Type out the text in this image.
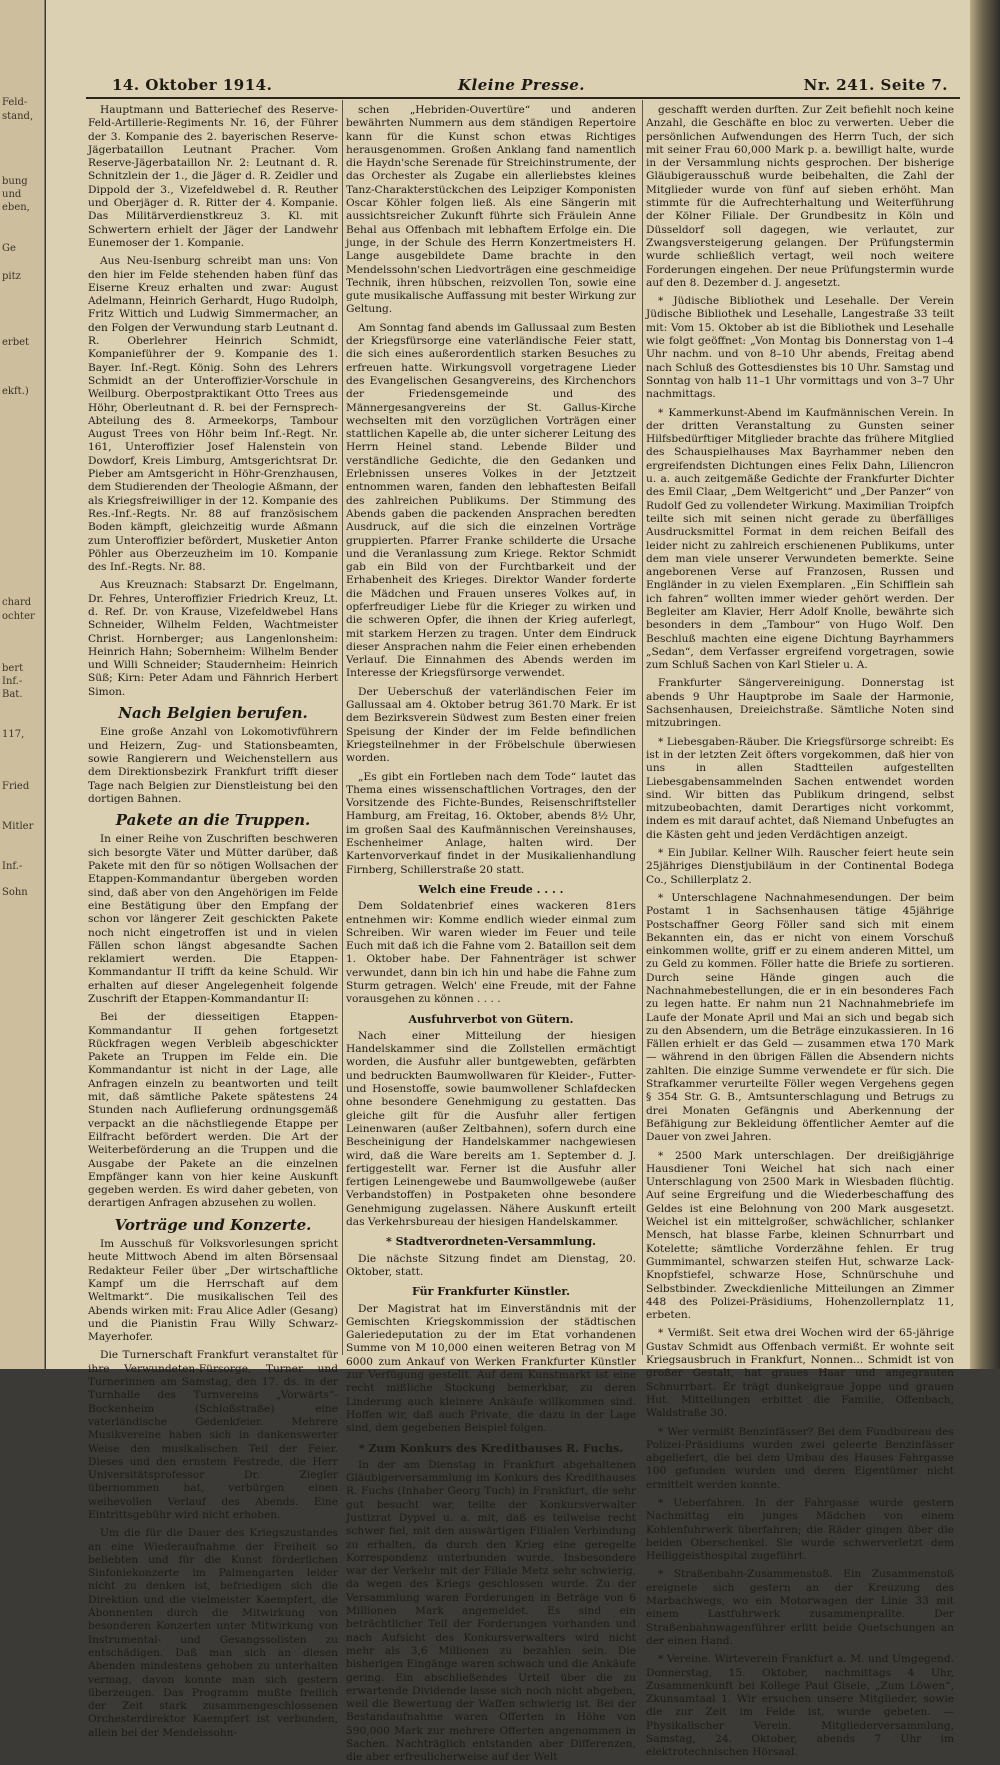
Feld-
stand,
bung
und
eben,
Ge
pitz
erbet
ekft.)
chard
ochter
bert
Inf.-
Bat.
117,
Fried
Mitler
Inf.-
Sohn
14. Oktober 1914.	Kleine Presse.	Nr. 241. Seite 7.

Hauptmann und Batteriechef des Reserve-Feld-Artillerie-Regiments Nr. 16, der Führer der 3. Kompanie des 2. bayerischen Reserve-Jägerbataillon Leutnant Pracher. Vom Reserve-Jägerbataillon Nr. 2: Leutnant d. R. Schnitzlein der 1., die Jäger d. R. Zeidler und Dippold der 3., Vizefeldwebel d. R. Reuther und Oberjäger d. R. Ritter der 4. Kompanie. Das Militärverdienstkreuz 3. Kl. mit Schwertern erhielt der Jäger der Landwehr Eunemoser der 1. Kompanie.

Aus Neu-Isenburg schreibt man uns: Von den hier im Felde stehenden haben fünf das Eiserne Kreuz erhalten und zwar: August Adelmann, Heinrich Gerhardt, Hugo Rudolph, Fritz Wittich und Ludwig Simmermacher, an den Folgen der Verwundung starb Leutnant d. R. Oberlehrer Heinrich Schmidt, Kompanieführer der 9. Kompanie des 1. Bayer. Inf.-Regt. König. Sohn des Lehrers Schmidt an der Unteroffizier-Vorschule in Weilburg. Oberpostpraktikant Otto Trees aus Höhr, Oberleutnant d. R. bei der Fernsprech-Abteilung des 8. Armeekorps, Tambour August Trees von Höhr beim Inf.-Regt. Nr. 161, Unteroffizier Josef Halenstein von Dowdorf, Kreis Limburg, Amtsgerichtsrat Dr. Pieber am Amtsgericht in Höhr-Grenzhausen, dem Studierenden der Theologie Aßmann, der als Kriegsfreiwilliger in der 12. Kompanie des Res.-Inf.-Regts. Nr. 88 auf französischem Boden kämpft, gleichzeitig wurde Aßmann zum Unteroffizier befördert, Musketier Anton Pöhler aus Oberzeuzheim im 10. Kompanie des Inf.-Regts. Nr. 88.

Aus Kreuznach: Stabsarzt Dr. Engelmann, Dr. Fehres, Unteroffizier Friedrich Kreuz, Lt. d. Ref. Dr. von Krause, Vizefeldwebel Hans Schneider, Wilhelm Felden, Wachtmeister Christ. Hornberger; aus Langenlonsheim: Heinrich Hahn; Sobernheim: Wilhelm Bender und Willi Schneider; Staudernheim: Heinrich Süß; Kirn: Peter Adam und Fähnrich Herbert Simon.

Nach Belgien berufen.

Eine große Anzahl von Lokomotivführern und Heizern, Zug- und Stationsbeamten, sowie Rangierern und Weichenstellern aus dem Direktionsbezirk Frankfurt trifft dieser Tage nach Belgien zur Dienstleistung bei den dortigen Bahnen.

Pakete an die Truppen.

In einer Reihe von Zuschriften beschweren sich besorgte Väter und Mütter darüber, daß Pakete mit den für so nötigen Wollsachen der Etappen-Kommandantur übergeben worden sind, daß aber von den Angehörigen im Felde eine Bestätigung über den Empfang der schon vor längerer Zeit geschickten Pakete noch nicht eingetroffen ist und in vielen Fällen schon längst abgesandte Sachen reklamiert werden. Die Etappen-Kommandantur II trifft da keine Schuld. Wir erhalten auf dieser Angelegenheit folgende Zuschrift der Etappen-Kommandantur II:

Bei der diesseitigen Etappen-Kommandantur II gehen fortgesetzt Rückfragen wegen Verbleib abgeschickter Pakete an Truppen im Felde ein. Die Kommandantur ist nicht in der Lage, alle Anfragen einzeln zu beantworten und teilt mit, daß sämtliche Pakete spätestens 24 Stunden nach Auflieferung ordnungsgemäß verpackt an die nächstliegende Etappe per Eilfracht befördert werden. Die Art der Weiterbeförderung an die Truppen und die Ausgabe der Pakete an die einzelnen Empfänger kann von hier keine Auskunft gegeben werden. Es wird daher gebeten, von derartigen Anfragen abzusehen zu wollen.

Vorträge und Konzerte.

Im Ausschuß für Volksvorlesungen spricht heute Mittwoch Abend im alten Börsensaal Redakteur Feiler über „Der wirtschaftliche Kampf um die Herrschaft auf dem Weltmarkt“. Die musikalischen Teil des Abends wirken mit: Frau Alice Adler (Gesang) und die Pianistin Frau Willy Schwarz-Mayerhofer.

Die Turnerschaft Frankfurt veranstaltet für ihre Verwundeten-Fürsorge, Turner und Turnerinnen am Samstag, den 17. ds. in der Turnhalle des Turnvereins „Vorwärts“-Bockenheim (Schloßstraße) eine vaterländische Gedenkfeier. Mehrere Musikvereine haben sich in dankenswerter Weise den musikalischen Teil der Feier. Dieses und den ernstem Festrede, die Herr Universitätsprofessor Dr. Ziegler übernommen hat, verbürgen einen weihevollen Verlauf des Abends. Eine Eintrittsgebühr wird nicht erhoben.

Um die für die Dauer des Kriegszustandes an eine Wiederaufnahme der Freiheit so beliebten und für die Kunst förderlichen Sinfoniekonzerte im Palmengarten leider nicht zu denken ist, befriedigen sich die Direktion und die vielmeister Kaempfert, die Abonnenten durch die Mitwirkung von besonderen Konzerten unter Mitwirkung von Instrumental- und Gesangssolisten zu entschädigen. Daß man sich an diesen Abenden mindestens gehoben zu unterhalten vermag, davon konnte man sich gestern überzeugen. Das Programm mußte freilich der Zeit stark zusammengeschlossenen Orchesterdirektor Kaempfert ist verbunden, allein bei der Mendelssohn-

schen „Hebriden-Ouvertüre“ und anderen bewährten Nummern aus dem ständigen Repertoire kann für die Kunst schon etwas Richtiges herausgenommen. Großen Anklang fand namentlich die Haydn'sche Serenade für Streichinstrumente, der das Orchester als Zugabe ein allerliebstes kleines Tanz-Charakterstückchen des Leipziger Komponisten Oscar Köhler folgen ließ. Als eine Sängerin mit aussichtsreicher Zukunft führte sich Fräulein Anne Behal aus Offenbach mit lebhaftem Erfolge ein. Die junge, in der Schule des Herrn Konzertmeisters H. Lange ausgebildete Dame brachte in den Mendelssohn'schen Liedvorträgen eine geschmeidige Technik, ihren hübschen, reizvollen Ton, sowie eine gute musikalische Auffassung mit bester Wirkung zur Geltung.

Am Sonntag fand abends im Gallussaal zum Besten der Kriegsfürsorge eine vaterländische Feier statt, die sich eines außerordentlich starken Besuches zu erfreuen hatte. Wirkungsvoll vorgetragene Lieder des Evangelischen Gesangvereins, des Kirchenchors der Friedensgemeinde und des Männergesangvereins der St. Gallus-Kirche wechselten mit den vorzüglichen Vorträgen einer stattlichen Kapelle ab, die unter sicherer Leitung des Herrn Heinel stand. Lebende Bilder und verständliche Gedichte, die den Gedanken und Erlebnissen unseres Volkes in der Jetztzeit entnommen waren, fanden den lebhaftesten Beifall des zahlreichen Publikums. Der Stimmung des Abends gaben die packenden Ansprachen beredten Ausdruck, auf die sich die einzelnen Vorträge gruppierten. Pfarrer Franke schilderte die Ursache und die Veranlassung zum Kriege. Rektor Schmidt gab ein Bild von der Furchtbarkeit und der Erhabenheit des Krieges. Direktor Wander forderte die Mädchen und Frauen unseres Volkes auf, in opferfreudiger Liebe für die Krieger zu wirken und die schweren Opfer, die ihnen der Krieg auferlegt, mit starkem Herzen zu tragen. Unter dem Eindruck dieser Ansprachen nahm die Feier einen erhebenden Verlauf. Die Einnahmen des Abends werden im Interesse der Kriegsfürsorge verwendet.

Der Ueberschuß der vaterländischen Feier im Gallussaal am 4. Oktober betrug 361.70 Mark. Er ist dem Bezirksverein Südwest zum Besten einer freien Speisung der Kinder der im Felde befindlichen Kriegsteilnehmer in der Fröbelschule überwiesen worden.

„Es gibt ein Fortleben nach dem Tode“ lautet das Thema eines wissenschaftlichen Vortrages, den der Vorsitzende des Fichte-Bundes, Reisenschriftsteller Hamburg, am Freitag, 16. Oktober, abends 8½ Uhr, im großen Saal des Kaufmännischen Vereinshauses, Eschenheimer Anlage, halten wird. Der Kartenvorverkauf findet in der Musikalienhandlung Firnberg, Schillerstraße 20 statt.

Welch eine Freude . . . .

Dem Soldatenbrief eines wackeren 81ers entnehmen wir: Komme endlich wieder einmal zum Schreiben. Wir waren wieder im Feuer und teile Euch mit daß ich die Fahne vom 2. Bataillon seit dem 1. Oktober habe. Der Fahnenträger ist schwer verwundet, dann bin ich hin und habe die Fahne zum Sturm getragen. Welch' eine Freude, mit der Fahne vorausgehen zu können . . . .

Ausfuhrverbot von Gütern.

Nach einer Mitteilung der hiesigen Handelskammer sind die Zollstellen ermächtigt worden, die Ausfuhr aller buntgewebten, gefärbten und bedruckten Baumwollwaren für Kleider-, Futter- und Hosenstoffe, sowie baumwollener Schlafdecken ohne besondere Genehmigung zu gestatten. Das gleiche gilt für die Ausfuhr aller fertigen Leinenwaren (außer Zeltbahnen), sofern durch eine Bescheinigung der Handelskammer nachgewiesen wird, daß die Ware bereits am 1. September d. J. fertiggestellt war. Ferner ist die Ausfuhr aller fertigen Leinengewebe und Baumwollgewebe (außer Verbandstoffen) in Postpaketen ohne besondere Genehmigung zugelassen. Nähere Auskunft erteilt das Verkehrsbureau der hiesigen Handelskammer.

* Stadtverordneten-Versammlung.

Die nächste Sitzung findet am Dienstag, 20. Oktober, statt.

Für Frankfurter Künstler.

Der Magistrat hat im Einverständnis mit der Gemischten Kriegskommission der städtischen Galeriedeputation zu der im Etat vorhandenen Summe von M 10,000 einen weiteren Betrag von M 6000 zum Ankauf von Werken Frankfurter Künstler zur Verfügung gestellt. Auf dem Kunstmarkt ist eine recht mißliche Stockung bemerkbar, zu deren Linderung auch kleinere Ankäufe willkommen sind. Hoffen wir, daß auch Private, die dazu in der Lage sind, dem gegebenen Beispiel folgen.

* Zum Konkurs des Kreditbauses R. Fuchs.

In der am Dienstag in Frankfurt abgehaltenen Gläubigerversammlung im Konkurs des Kredithauses R. Fuchs (Inhaber Georg Tuch) in Frankfurt, die sehr gut besucht war, teilte der Konkursverwalter Justizrat Dypvel u. a. mit, daß es teilweise recht schwer fiel, mit den auswärtigen Filialen Verbindung zu erhalten, da durch den Krieg eine geregelte Korrespondenz unterbunden wurde. Insbesondere war der Verkehr mit der Filiale Metz sehr schwierig, da wegen des Kriegs geschlossen wurde. Zu der Versammlung waren Forderungen in Beträge von 6 Millionen Mark angemeldet. Es sind ein beträchtlicher Teil der Forderungen vorhanden und nach Aufsicht des Konkursverwalters wird nicht mehr als 3,6 Millionen zu bezahlen sein. Die bisherigen Eingänge waren schwach und die Ankäufe gering. Ein abschließendes Urteil über die zu erwartende Dividende lasse sich noch nicht abgeben, weil die Bewertung der Waffen schwierig ist. Bei der Bestandaufnahme waren Offerten in Höhe von 590,000 Mark zur mehrere Offerten angenommen in Sachen. Nachträglich entstanden aber Differenzen, die aber erfreulicherweise auf der Welt

geschafft werden durften. Zur Zeit befiehlt noch keine Anzahl, die Geschäfte en bloc zu verwerten. Ueber die persönlichen Aufwendungen des Herrn Tuch, der sich mit seiner Frau 60,000 Mark p. a. bewilligt halte, wurde in der Versammlung nichts gesprochen. Der bisherige Gläubigerausschuß wurde beibehalten, die Zahl der Mitglieder wurde von fünf auf sieben erhöht. Man stimmte für die Aufrechterhaltung und Weiterführung der Kölner Filiale. Der Grundbesitz in Köln und Düsseldorf soll dagegen, wie verlautet, zur Zwangsversteigerung gelangen. Der Prüfungstermin wurde schließlich vertagt, weil noch weitere Forderungen eingehen. Der neue Prüfungstermin wurde auf den 8. Dezember d. J. angesetzt.

* Jüdische Bibliothek und Lesehalle. Der Verein Jüdische Bibliothek und Lesehalle, Langestraße 33 teilt mit: Vom 15. Oktober ab ist die Bibliothek und Lesehalle wie folgt geöffnet: „Von Montag bis Donnerstag von 1–4 Uhr nachm. und von 8–10 Uhr abends, Freitag abend nach Schluß des Gottesdienstes bis 10 Uhr. Samstag und Sonntag von halb 11–1 Uhr vormittags und von 3–7 Uhr nachmittags.

* Kammerkunst-Abend im Kaufmännischen Verein. In der dritten Veranstaltung zu Gunsten seiner Hilfsbedürftiger Mitglieder brachte das frühere Mitglied des Schauspielhauses Max Bayrhammer neben den ergreifendsten Dichtungen eines Felix Dahn, Liliencron u. a. auch zeitgemäße Gedichte der Frankfurter Dichter des Emil Claar, „Dem Weltgericht“ und „Der Panzer“ von Rudolf Ged zu vollendeter Wirkung. Maximilian Troipfch teilte sich mit seinen nicht gerade zu überfälliges Ausdrucksmittel Format in dem reichen Beifall des leider nicht zu zahlreich erschienenen Publikums, unter dem man viele unserer Verwundeten bemerkte. Seine angeborenen Verse auf Franzosen, Russen und Engländer in zu vielen Exemplaren. „Ein Schifflein sah ich fahren“ wollten immer wieder gehört werden. Der Begleiter am Klavier, Herr Adolf Knolle, bewährte sich besonders in dem „Tambour“ von Hugo Wolf. Den Beschluß machten eine eigene Dichtung Bayrhammers „Sedan“, dem Verfasser ergreifend vorgetragen, sowie zum Schluß Sachen von Karl Stieler u. A.

Frankfurter Sängervereinigung. Donnerstag ist abends 9 Uhr Hauptprobe im Saale der Harmonie, Sachsenhausen, Dreieichstraße. Sämtliche Noten sind mitzubringen.

* Liebesgaben-Räuber. Die Kriegsfürsorge schreibt: Es ist in der letzten Zeit öfters vorgekommen, daß hier von uns in allen Stadtteilen aufgestellten Liebesgabensammelnden Sachen entwendet worden sind. Wir bitten das Publikum dringend, selbst mitzubeobachten, damit Derartiges nicht vorkommt, indem es mit darauf achtet, daß Niemand Unbefugtes an die Kästen geht und jeden Verdächtigen anzeigt.

* Ein Jubilar. Kellner Wilh. Rauscher feiert heute sein 25jähriges Dienstjubiläum in der Continental Bodega Co., Schillerplatz 2.

* Unterschlagene Nachnahmesendungen. Der beim Postamt 1 in Sachsenhausen tätige 45jährige Postschaffner Georg Föller sand sich mit einem Bekannten ein, das er nicht von einem Vorschuß einkommen wollte, griff er zu einem anderen Mittel, um zu Geld zu kommen. Föller hatte die Briefe zu sortieren. Durch seine Hände gingen auch die Nachnahmebestellungen, die er in ein besonderes Fach zu legen hatte. Er nahm nun 21 Nachnahmebriefe im Laufe der Monate April und Mai an sich und begab sich zu den Absendern, um die Beträge einzukassieren. In 16 Fällen erhielt er das Geld — zusammen etwa 170 Mark — während in den übrigen Fällen die Absendern nichts zahlten. Die einzige Summe verwendete er für sich. Die Strafkammer verurteilte Föller wegen Vergehens gegen § 354 Str. G. B., Amtsunterschlagung und Betrugs zu drei Monaten Gefängnis und Aberkennung der Befähigung zur Bekleidung öffentlicher Aemter auf die Dauer von zwei Jahren.

* 2500 Mark unterschlagen. Der dreißigjährige Hausdiener Toni Weichel hat sich nach einer Unterschlagung von 2500 Mark in Wiesbaden flüchtig. Auf seine Ergreifung und die Wiederbeschaffung des Geldes ist eine Belohnung von 200 Mark ausgesetzt. Weichel ist ein mittelgroßer, schwächlicher, schlanker Mensch, hat blasse Farbe, kleinen Schnurrbart und Kotelette; sämtliche Vorderzähne fehlen. Er trug Gummimantel, schwarzen steifen Hut, schwarze Lack-Knopfstiefel, schwarze Hose, Schnürschuhe und Selbstbinder. Zweckdienliche Mitteilungen an Zimmer 448 des Polizei-Präsidiums, Hohenzollernplatz 11, erbeten.

* Vermißt. Seit etwa drei Wochen wird der 65-jährige Gustav Schmidt aus Offenbach vermißt. Er wohnte seit Kriegsausbruch in Frankfurt, Nonnen... Schmidt ist von großer Gestalt, hat graues Haar und angegrauten Schnurrbart. Er trägt dunkelgraue Joppe und grauen Hut. Mitteilungen erbittet die Familie, Offenbach, Waldstraße 30.

* Wer vermißt Benzinfässer? Bei dem Fundbureau des Polizei-Präsidiums wurden zwei geleerte Benzinfässer abgeliefert, die bei dem Umbau des Hauses Fahrgasse 100 gefunden wurden und deren Eigentümer nicht ermittelt werden konnte.

* Ueberfahren. In der Fahrgasse wurde gestern Nachmittag ein junges Mädchen von einem Kohlenfuhrwerk überfahren; die Räder gingen über die beiden Oberschenkel. Sie wurde schwerverletzt dem Heiliggeisthospital zugeführt.

* Straßenbahn-Zusammenstoß. Ein Zusammenstoß ereignete sich gestern an der Kreuzung des Marbachwegs, wo ein Motorwagen der Linie 33 mit einem Lastfuhrwerk zusammenprallte. Der Straßenbahnwagenführer erlitt beide Quetschungen an der einen Hand.

* Vereine. Wirteverein Frankfurt a. M. und Umgegend. Donnerstag, 15. Oktober, nachmittags 4 Uhr, Zusammenkunft bei Kollege Paul Gisele, „Zum Löwen“, Zkunsamtaal 1. Wir ersuchen unsere Mitglieder, sowie die zur Zeit im Felde ist, wurde gebeten. — Physikalischer Verein. Mitgliederversammlung, Samstag, 24. Oktober, abends 7 Uhr im elektrotechnischen Hörsaal.
